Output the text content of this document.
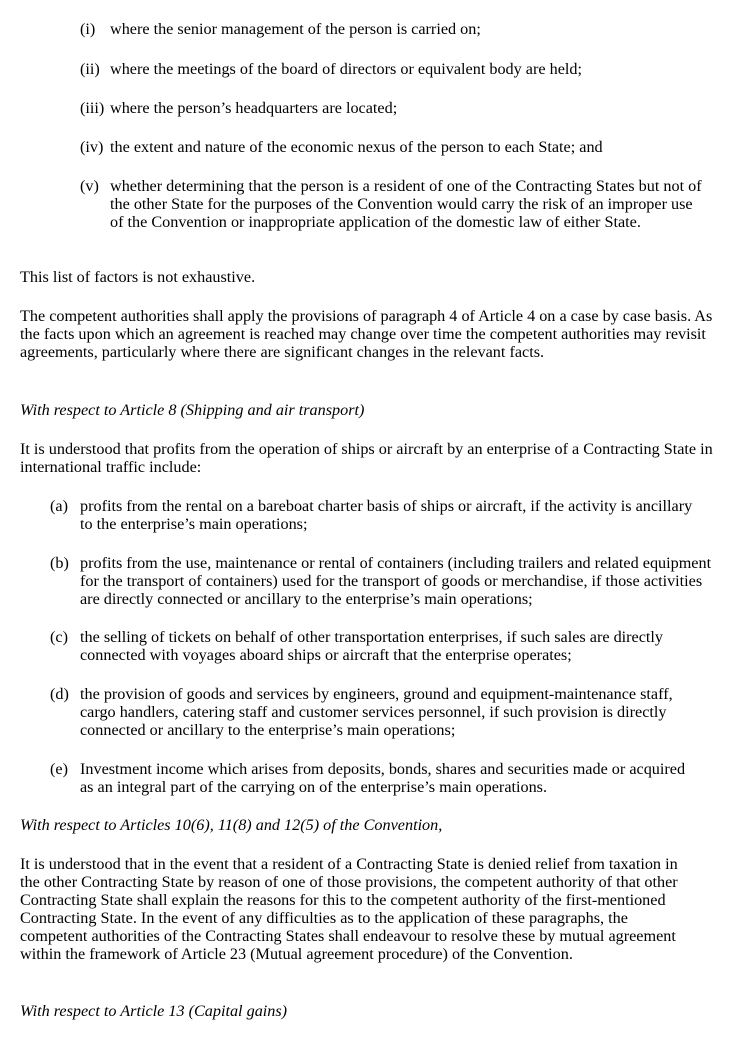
(i) where the senior management of the person is carried on;

(ii) where the meetings of the board of directors or equivalent body are held;

(iii) where the person’s headquarters are located;

(iv) the extent and nature of the economic nexus of the person to each State; and

(v) whether determining that the person is a resident of one of the Contracting States but not of the other State for the purposes of the Convention would carry the risk of an improper use of the Convention or inappropriate application of the domestic law of either State.

This list of factors is not exhaustive.

The competent authorities shall apply the provisions of paragraph 4 of Article 4 on a case by case basis. As the facts upon which an agreement is reached may change over time the competent authorities may revisit agreements, particularly where there are significant changes in the relevant facts.

With respect to Article 8 (Shipping and air transport)

It is understood that profits from the operation of ships or aircraft by an enterprise of a Contracting State in international traffic include:

(a) profits from the rental on a bareboat charter basis of ships or aircraft, if the activity is ancillary to the enterprise’s main operations;

(b) profits from the use, maintenance or rental of containers (including trailers and related equipment for the transport of containers) used for the transport of goods or merchandise, if those activities are directly connected or ancillary to the enterprise’s main operations;

(c) the selling of tickets on behalf of other transportation enterprises, if such sales are directly connected with voyages aboard ships or aircraft that the enterprise operates;

(d) the provision of goods and services by engineers, ground and equipment-maintenance staff, cargo handlers, catering staff and customer services personnel, if such provision is directly connected or ancillary to the enterprise’s main operations;

(e) Investment income which arises from deposits, bonds, shares and securities made or acquired as an integral part of the carrying on of the enterprise’s main operations.

With respect to Articles 10(6), 11(8) and 12(5) of the Convention,

It is understood that in the event that a resident of a Contracting State is denied relief from taxation in the other Contracting State by reason of one of those provisions, the competent authority of that other Contracting State shall explain the reasons for this to the competent authority of the first-mentioned Contracting State. In the event of any difficulties as to the application of these paragraphs, the competent authorities of the Contracting States shall endeavour to resolve these by mutual agreement within the framework of Article 23 (Mutual agreement procedure) of the Convention.

With respect to Article 13 (Capital gains)
